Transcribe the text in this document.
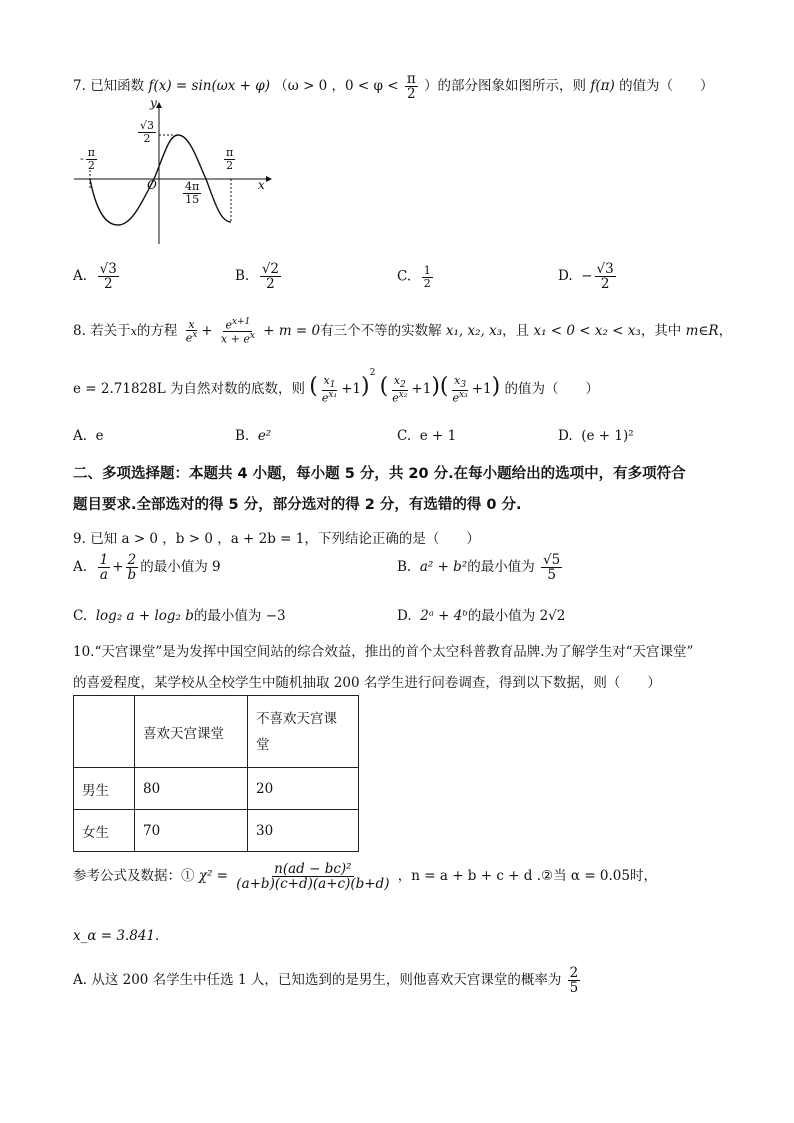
7. 已知函数 f(x) = sin(ωx + φ) （ω > 0 ，$0 < \varphi < \frac{\pi}{2}$ ）的部分图象如图所示，则 f(π) 的值为（　　）
y
x
O
$\frac{√3}{2}$
- $\frac{\pi}{2}$	$\frac{\pi}{2}$
$\frac{4\pi}{15}$
A. $\frac{√3}{2}$	B. $\frac{√2}{2}$	C. $\frac{1}{2}$	D. − $\frac{√3}{2}$
8. 若关于x的方程 $\frac{x}{e^x} + \frac{e^{x+1}}{x + e^x} + m = 0$有三个不等的实数解 x₁, x₂, x₃，且 x₁ < 0 < x₂ < x₃，其中 m∈R，
e = 2.71828L 为自然对数的底数，则 ( $\frac{x_1}{e^{x_1}} +1)^2$ ( $\frac{x_2}{e^{x_2}} +1)( \frac{x_3}{e^{x_3}} +1)$ 的值为（　　）
A. e	B. e²	C. e + 1	D. (e + 1)²
二、多项选择题：本题共 4 小题，每小题 5 分，共 20 分.在每小题给出的选项中，有多项符合
题目要求.全部选对的得 5 分，部分选对的得 2 分，有选错的得 0 分.
9. 已知 a > 0 ，b > 0 ，a + 2b = 1，下列结论正确的是（　　）
A. $\frac{1}{a} + \frac{2}{b}$ 的最小值为 9	B. a² + b²的最小值为 $\frac{√5}{5}$
C. log₂ a + log₂ b的最小值为 −3	D. 2ᵃ + 4ᵇ的最小值为 2√2
10.“天宫课堂”是为发挥中国空间站的综合效益，推出的首个太空科普教育品牌.为了解学生对“天宫课堂”
的喜爱程度，某学校从全校学生中随机抽取 200 名学生进行问卷调查，得到以下数据，则（　　）
	喜欢天宫课堂	不喜欢天宫课堂
男生	80	20
女生	70	30
参考公式及数据：① $\chi^2 = \frac{\text{n(ad − bc)²}}{(a+b)(c+d)(a+c)(b+d)}$ ，n = a + b + c + d .②当 α = 0.05时，
x_α = 3.841.
A. 从这 200 名学生中任选 1 人，已知选到的是男生，则他喜欢天宫课堂的概率为 $\frac{2}{5}$
